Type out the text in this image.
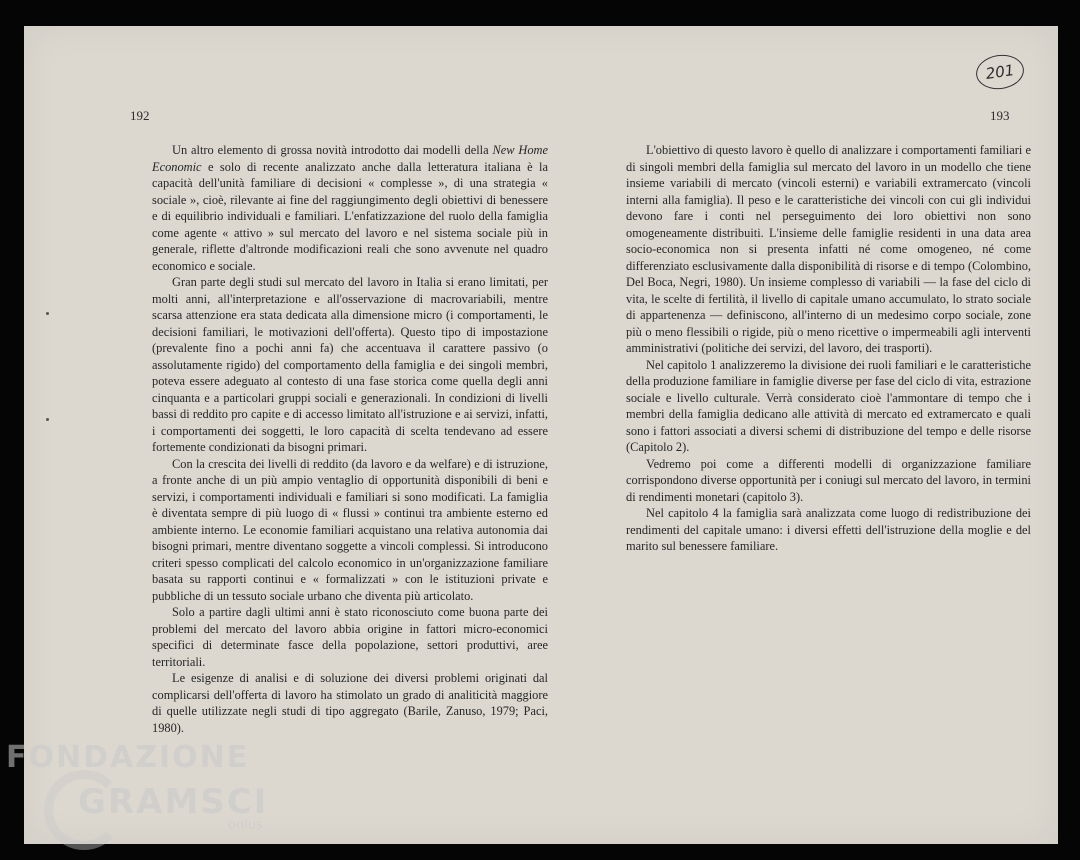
192	193
201

Un altro elemento di grossa novità introdotto dai modelli della New Home Economic e solo di recente analizzato anche dalla letteratura italiana è la capacità dell'unità familiare di decisioni « complesse », di una strategia « sociale », cioè, rilevante ai fine del raggiungimento degli obiettivi di benessere e di equilibrio individuali e familiari. L'enfatizzazione del ruolo della famiglia come agente « attivo » sul mercato del lavoro e nel sistema sociale più in generale, riflette d'altronde modificazioni reali che sono avvenute nel quadro economico e sociale.

Gran parte degli studi sul mercato del lavoro in Italia si erano limitati, per molti anni, all'interpretazione e all'osservazione di macrovariabili, mentre scarsa attenzione era stata dedicata alla dimensione micro (i comportamenti, le decisioni familiari, le motivazioni dell'offerta). Questo tipo di impostazione (prevalente fino a pochi anni fa) che accentuava il carattere passivo (o assolutamente rigido) del comportamento della famiglia e dei singoli membri, poteva essere adeguato al contesto di una fase storica come quella degli anni cinquanta e a particolari gruppi sociali e generazionali. In condizioni di livelli bassi di reddito pro capite e di accesso limitato all'istruzione e ai servizi, infatti, i comportamenti dei soggetti, le loro capacità di scelta tendevano ad essere fortemente condizionati da bisogni primari.

Con la crescita dei livelli di reddito (da lavoro e da welfare) e di istruzione, a fronte anche di un più ampio ventaglio di opportunità disponibili di beni e servizi, i comportamenti individuali e familiari si sono modificati. La famiglia è diventata sempre di più luogo di « flussi » continui tra ambiente esterno ed ambiente interno. Le economie familiari acquistano una relativa autonomia dai bisogni primari, mentre diventano soggette a vincoli complessi. Si introducono criteri spesso complicati del calcolo economico in un'organizzazione familiare basata su rapporti continui e « formalizzati » con le istituzioni private e pubbliche di un tessuto sociale urbano che diventa più articolato.

Solo a partire dagli ultimi anni è stato riconosciuto come buona parte dei problemi del mercato del lavoro abbia origine in fattori micro-economici specifici di determinate fasce della popolazione, settori produttivi, aree territoriali.

Le esigenze di analisi e di soluzione dei diversi problemi originati dal complicarsi dell'offerta di lavoro ha stimolato un grado di analiticità maggiore di quelle utilizzate negli studi di tipo aggregato (Barile, Zanuso, 1979; Paci, 1980).

L'obiettivo di questo lavoro è quello di analizzare i comportamenti familiari e di singoli membri della famiglia sul mercato del lavoro in un modello che tiene insieme variabili di mercato (vincoli esterni) e variabili extramercato (vincoli interni alla famiglia). Il peso e le caratteristiche dei vincoli con cui gli individui devono fare i conti nel perseguimento dei loro obiettivi non sono omogeneamente distribuiti. L'insieme delle famiglie residenti in una data area socio-economica non si presenta infatti né come omogeneo, né come differenziato esclusivamente dalla disponibilità di risorse e di tempo (Colombino, Del Boca, Negri, 1980). Un insieme complesso di variabili — la fase del ciclo di vita, le scelte di fertilità, il livello di capitale umano accumulato, lo strato sociale di appartenenza — definiscono, all'interno di un medesimo corpo sociale, zone più o meno flessibili o rigide, più o meno ricettive o impermeabili agli interventi amministrativi (politiche dei servizi, del lavoro, dei trasporti).

Nel capitolo 1 analizzeremo la divisione dei ruoli familiari e le caratteristiche della produzione familiare in famiglie diverse per fase del ciclo di vita, estrazione sociale e livello culturale. Verrà considerato cioè l'ammontare di tempo che i membri della famiglia dedicano alle attività di mercato ed extramercato e quali sono i fattori associati a diversi schemi di distribuzione del tempo e delle risorse (Capitolo 2).

Vedremo poi come a differenti modelli di organizzazione familiare corrispondono diverse opportunità per i coniugi sul mercato del lavoro, in termini di rendimenti monetari (capitolo 3).

Nel capitolo 4 la famiglia sarà analizzata come luogo di redistribuzione dei rendimenti del capitale umano: i diversi effetti dell'istruzione della moglie e del marito sul benessere familiare.

FONDAZIONE
GRAMSCI
onlus
